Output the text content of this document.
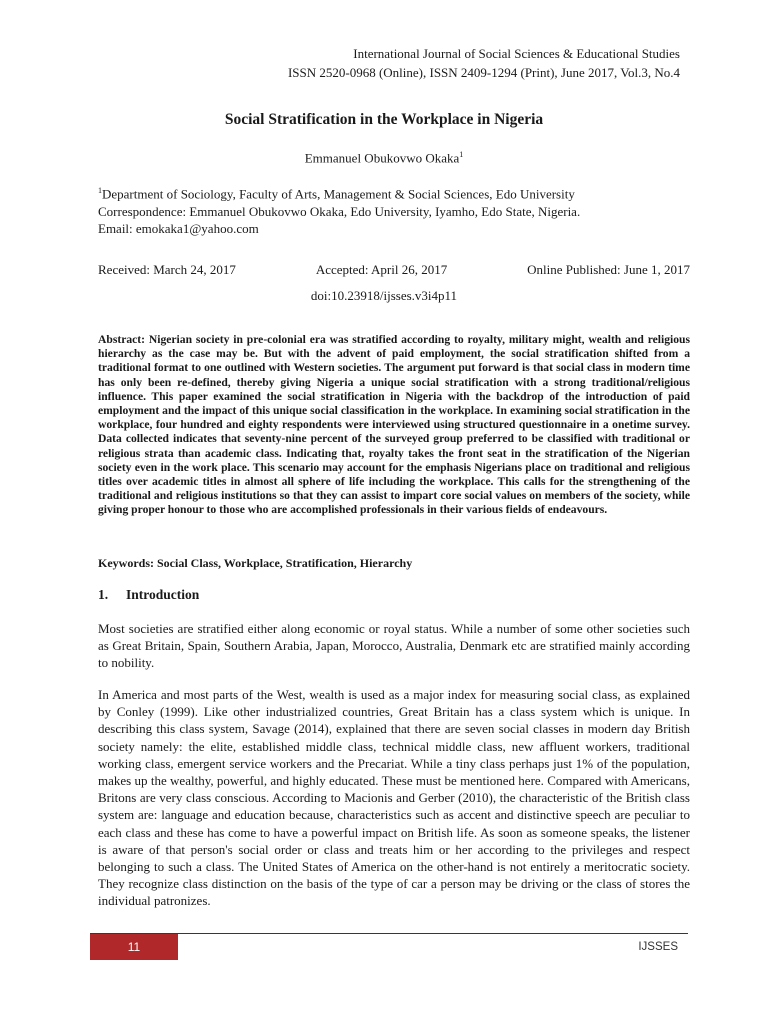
International Journal of Social Sciences & Educational Studies
ISSN 2520-0968 (Online), ISSN 2409-1294 (Print), June 2017, Vol.3, No.4
Social Stratification in the Workplace in Nigeria
Emmanuel Obukovwo Okaka$^1$
$^1$Department of Sociology, Faculty of Arts, Management & Social Sciences, Edo University
Correspondence: Emmanuel Obukovwo Okaka, Edo University, Iyamho, Edo State, Nigeria.
Email: emokaka1@yahoo.com
Received: March 24, 2017	Accepted: April 26, 2017	Online Published: June 1, 2017
doi:10.23918/ijsses.v3i4p11
Abstract: Nigerian society in pre-colonial era was stratified according to royalty, military might, wealth and religious hierarchy as the case may be. But with the advent of paid employment, the social stratification shifted from a traditional format to one outlined with Western societies. The argument put forward is that social class in modern time has only been re-defined, thereby giving Nigeria a unique social stratification with a strong traditional/religious influence. This paper examined the social stratification in Nigeria with the backdrop of the introduction of paid employment and the impact of this unique social classification in the workplace. In examining social stratification in the workplace, four hundred and eighty respondents were interviewed using structured questionnaire in a onetime survey. Data collected indicates that seventy-nine percent of the surveyed group preferred to be classified with traditional or religious strata than academic class. Indicating that, royalty takes the front seat in the stratification of the Nigerian society even in the work place. This scenario may account for the emphasis Nigerians place on traditional and religious titles over academic titles in almost all sphere of life including the workplace. This calls for the strengthening of the traditional and religious institutions so that they can assist to impart core social values on members of the society, while giving proper honour to those who are accomplished professionals in their various fields of endeavours.
Keywords: Social Class, Workplace, Stratification, Hierarchy
1. Introduction
Most societies are stratified either along economic or royal status. While a number of some other societies such as Great Britain, Spain, Southern Arabia, Japan, Morocco, Australia, Denmark etc are stratified mainly according to nobility.
In America and most parts of the West, wealth is used as a major index for measuring social class, as explained by Conley (1999). Like other industrialized countries, Great Britain has a class system which is unique. In describing this class system, Savage (2014), explained that there are seven social classes in modern day British society namely: the elite, established middle class, technical middle class, new affluent workers, traditional working class, emergent service workers and the Precariat. While a tiny class perhaps just 1% of the population, makes up the wealthy, powerful, and highly educated. These must be mentioned here. Compared with Americans, Britons are very class conscious. According to Macionis and Gerber (2010), the characteristic of the British class system are: language and education because, characteristics such as accent and distinctive speech are peculiar to each class and these has come to have a powerful impact on British life. As soon as someone speaks, the listener is aware of that person's social order or class and treats him or her according to the privileges and respect belonging to such a class. The United States of America on the other-hand is not entirely a meritocratic society. They recognize class distinction on the basis of the type of car a person may be driving or the class of stores the individual patronizes.
11	IJSSES
